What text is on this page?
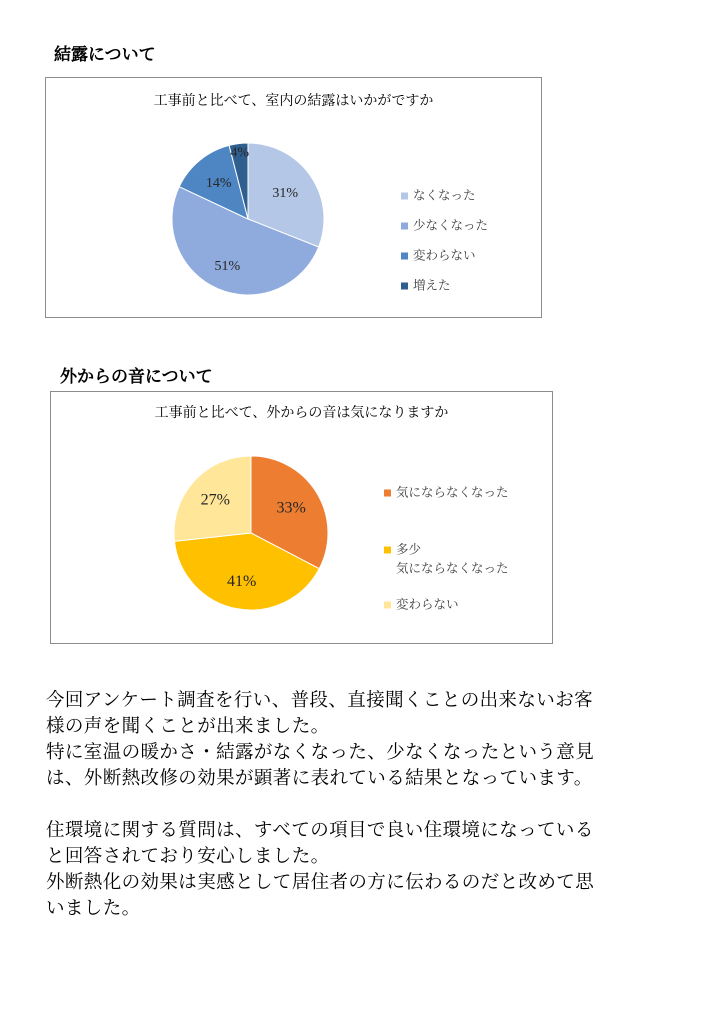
結露について
工事前と比べて、室内の結露はいかがですか
31%
51%
14%
4%
なくなった
少なくなった
変わらない
増えた
外からの音について
工事前と比べて、外からの音は気になりますか
33%
41%
27%	気にならなくなった
多少
気にならなくなった
変わらない

今回アンケート調査を行い、普段、直接聞くことの出来ないお客

様の声を聞くことが出来ました。

特に室温の暖かさ・結露がなくなった、少なくなったという意見

は、外断熱改修の効果が顕著に表れている結果となっています。

住環境に関する質問は、すべての項目で良い住環境になっている

と回答されており安心しました。

外断熱化の効果は実感として居住者の方に伝わるのだと改めて思

いました。
